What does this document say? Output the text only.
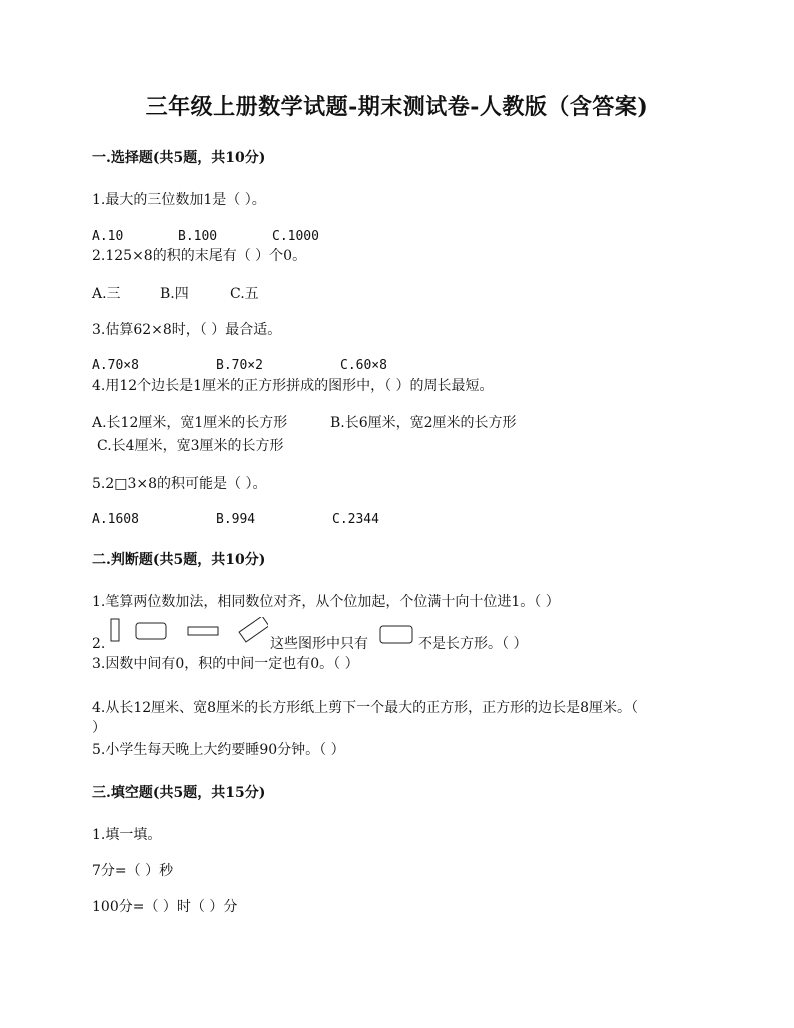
三年级上册数学试题-期末测试卷-人教版（含答案)
一.选择题(共5题，共10分)
1.最大的三位数加1是（ ）。
A.10	B.100	C.1000
2.125×8的积的末尾有（ ）个0。
A.三	B.四	C.五
3.估算62×8时，（ ）最合适。
A.70×8	B.70×2	C.60×8
4.用12个边长是1厘米的正方形拼成的图形中，（ ）的周长最短。
A.长12厘米，宽1厘米的长方形	B.长6厘米，宽2厘米的长方形
C.长4厘米，宽3厘米的长方形
5.2□3×8的积可能是（ ）。
A.1608	B.994	C.2344
二.判断题(共5题，共10分)
1.笔算两位数加法，相同数位对齐，从个位加起，个位满十向十位进1。（ ）
2.	这些图形中只有	不是长方形。（ ）
3.因数中间有0，积的中间一定也有0。（ ）
4.从长12厘米、宽8厘米的长方形纸上剪下一个最大的正方形，正方形的边长是8厘米。（
）
5.小学生每天晚上大约要睡90分钟。（ ）
三.填空题(共5题，共15分)
1.填一填。
7分=（ ）秒
100分=（ ）时（ ）分
